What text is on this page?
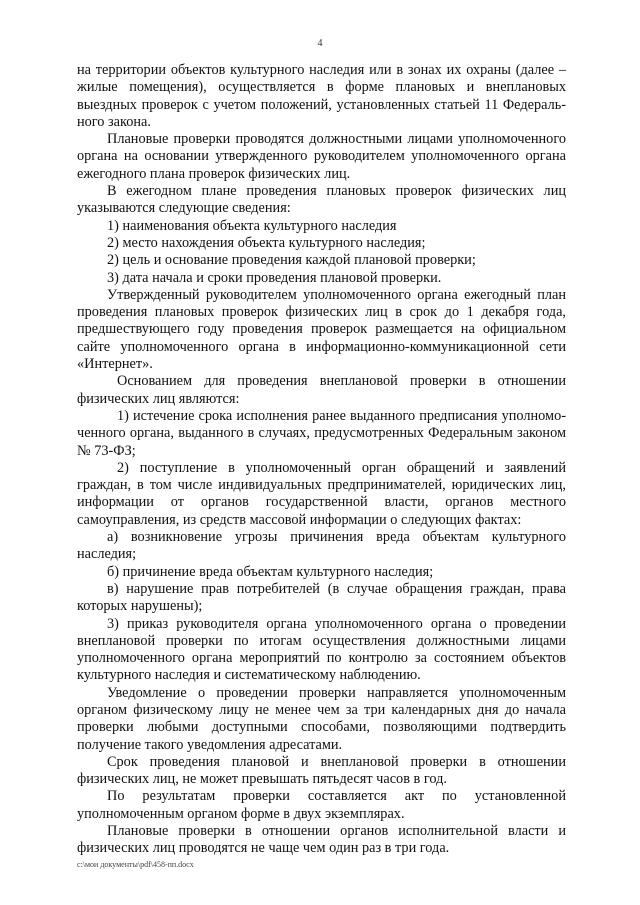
4

на территории объектов культурного наследия или в зонах их охраны (далее – жилые помещения), осуществляется в форме плановых и внеплановых выездных проверок с учетом положений, установленных статьей 11 Федерального закона.

Плановые проверки проводятся должностными лицами уполномоченного органа на основании утвержденного руководителем уполномоченного органа ежегодного плана проверок физических лиц.

В ежегодном плане проведения плановых проверок физических лиц указываются следующие сведения:

1) наименования объекта культурного наследия

2) место нахождения объекта культурного наследия;

2) цель и основание проведения каждой плановой проверки;

3) дата начала и сроки проведения плановой проверки.

Утвержденный руководителем уполномоченного органа ежегодный план проведения плановых проверок физических лиц в срок до 1 декабря года, предшествующего году проведения проверок размещается на официальном сайте уполномоченного органа в информационно-коммуникационной сети «Интернет».

Основанием для проведения внеплановой проверки в отношении физических лиц являются:

1) истечение срока исполнения ранее выданного предписания уполномоченного органа, выданного в случаях, предусмотренных Федеральным законом № 73-ФЗ;

2) поступление в уполномоченный орган обращений и заявлений граждан, в том числе индивидуальных предпринимателей, юридических лиц, информации от органов государственной власти, органов местного самоуправления, из средств массовой информации о следующих фактах:

а) возникновение угрозы причинения вреда объектам культурного наследия;

б) причинение вреда объектам культурного наследия;

в) нарушение прав потребителей (в случае обращения граждан, права которых нарушены);

3) приказ руководителя органа уполномоченного органа о проведении внеплановой проверки по итогам осуществления должностными лицами уполномоченного органа мероприятий по контролю за состоянием объектов культурного наследия и систематическому наблюдению.

Уведомление о проведении проверки направляется уполномоченным органом физическому лицу не менее чем за три календарных дня до начала проверки любыми доступными способами, позволяющими подтвердить получение такого уведомления адресатами.

Срок проведения плановой и внеплановой проверки в отношении физических лиц, не может превышать пятьдесят часов в год.

По результатам проверки составляется акт по установленной уполномоченным органом форме в двух экземплярах.

Плановые проверки в отношении органов исполнительной власти и физических лиц проводятся не чаще чем один раз в три года.

c:\мои документы\pdf\458-пп.docx
